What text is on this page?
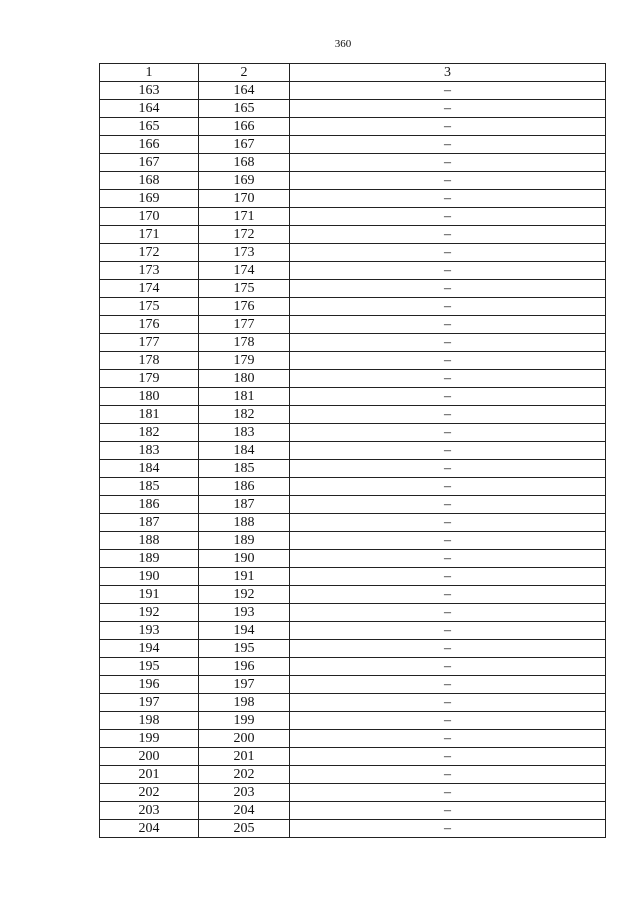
360
1	2	3
163	164	–
164	165	–
165	166	–
166	167	–
167	168	–
168	169	–
169	170	–
170	171	–
171	172	–
172	173	–
173	174	–
174	175	–
175	176	–
176	177	–
177	178	–
178	179	–
179	180	–
180	181	–
181	182	–
182	183	–
183	184	–
184	185	–
185	186	–
186	187	–
187	188	–
188	189	–
189	190	–
190	191	–
191	192	–
192	193	–
193	194	–
194	195	–
195	196	–
196	197	–
197	198	–
198	199	–
199	200	–
200	201	–
201	202	–
202	203	–
203	204	–
204	205	–
